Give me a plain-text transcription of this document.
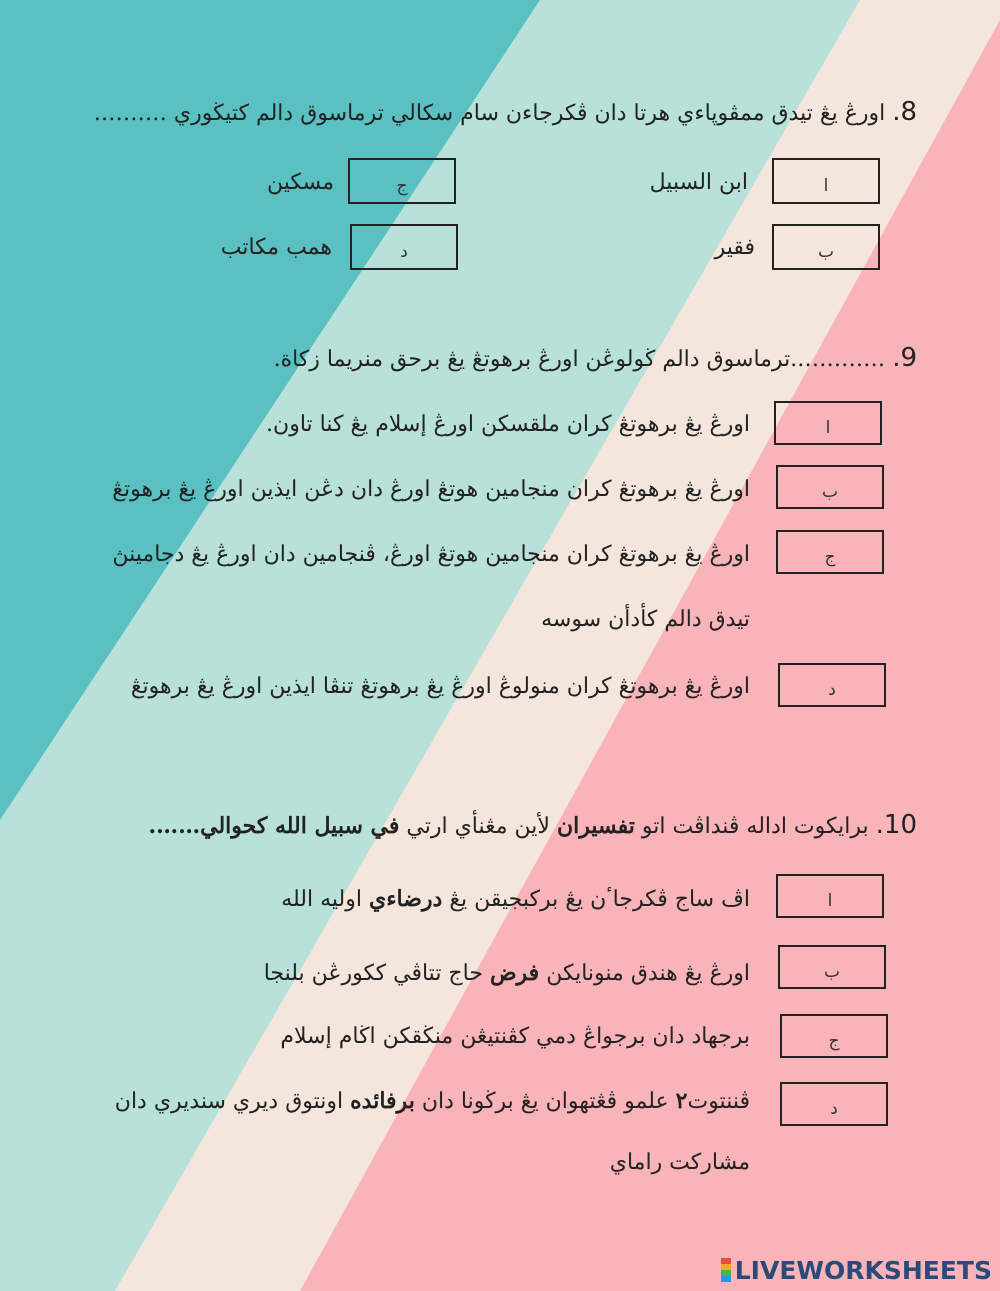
8. اورڠ يڠ تيدق ممڤوڽاءي هرتا دان ڤكرجاءن سام سكالي ترماسوق دالم كتيڬوري ……….
ا
ابن السبيل
ج
مسكين
ب
فقير
د
همب مكاتب
9. ………….ترماسوق دالم ڬولوڠن اورڠ برهوتڠ يڠ برحق منريما زكاة.
ا
اورڠ يڠ برهوتڠ كران ملقسكن اورڠ إسلام يڠ كنا تاون.
ب
اورڠ يڠ برهوتڠ كران منجامين هوتڠ اورڠ دان دڠن ايذين اورڠ يڠ برهوتڠ
ج
اورڠ يڠ برهوتڠ كران منجامين هوتڠ اورڠ، ڤنجامين دان اورڠ يڠ دجامينڽ
تيدق دالم كأدأن سوسه
د
اورڠ يڠ برهوتڠ كران منولوڠ اورڠ يڠ برهوتڠ تنڤا ايذين اورڠ يڠ برهوتڠ
10. برايكوت اداله ڤنداڤت اتو تفسيران لأين مڠنأي ارتي في سبيل الله كحوالي…….
ا
اڤ ساج ڤكرجاٴن يڠ بركبجيقن يڠ درضاءي اوليه الله
ب
اورڠ يڠ هندق منونايكن فرض حاج تتاڤي ككورڠن بلنجا
ج
برجهاد دان برجواڠ دمي كڤنتيڠن منڬقكن اڬام إسلام
د
ڤننتوت٢ علمو ڤڠتهوان يڠ برڬونا دان برفائده اونتوق ديري سنديري دان
مشاركت راماي
LIVEWORKSHEETS
